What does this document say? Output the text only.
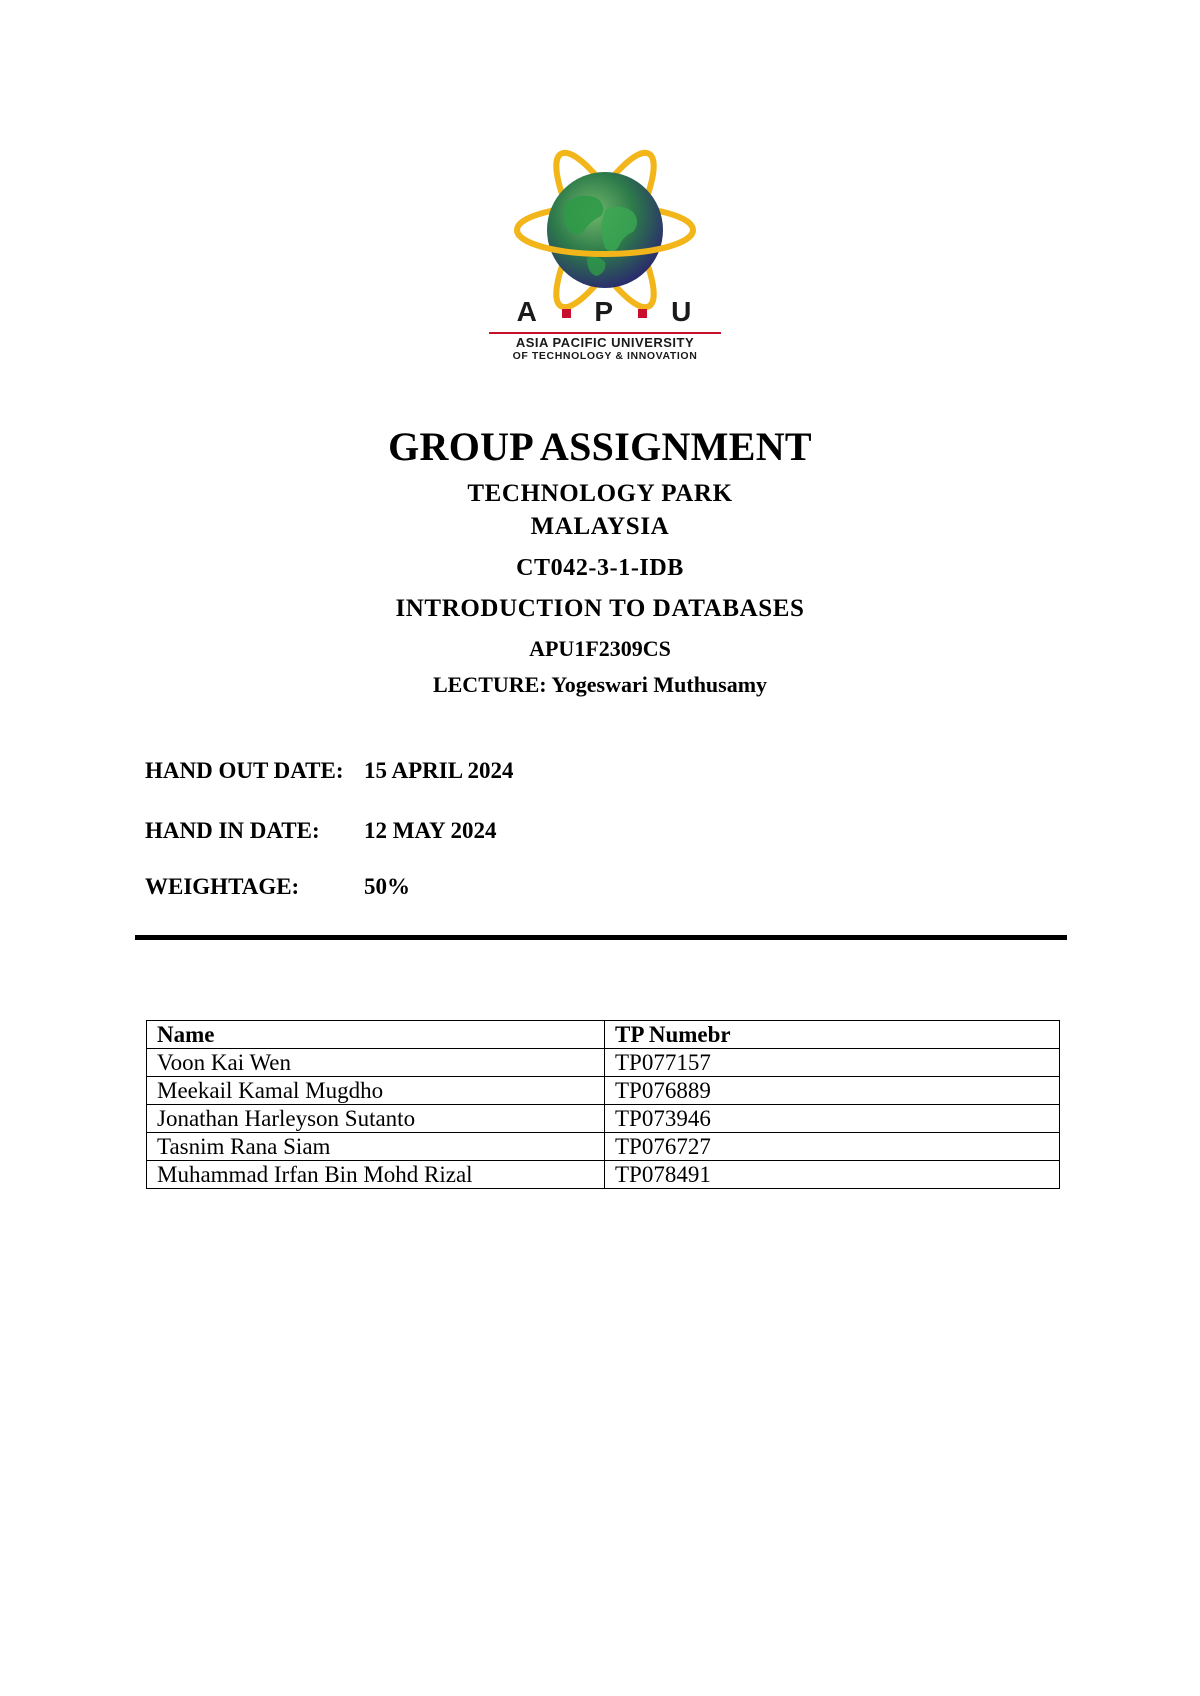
A P U
ASIA PACIFIC UNIVERSITY
OF TECHNOLOGY & INNOVATION
GROUP ASSIGNMENT
TECHNOLOGY PARK
MALAYSIA
CT042-3-1-IDB
INTRODUCTION TO DATABASES
APU1F2309CS
LECTURE: Yogeswari Muthusamy
HAND OUT DATE: 15 APRIL 2024
HAND IN DATE: 12 MAY 2024
WEIGHTAGE:	50%
Name	TP Numebr
Voon Kai Wen	TP077157
Meekail Kamal Mugdho	TP076889
Jonathan Harleyson Sutanto	TP073946
Tasnim Rana Siam	TP076727
Muhammad Irfan Bin Mohd Rizal	TP078491
